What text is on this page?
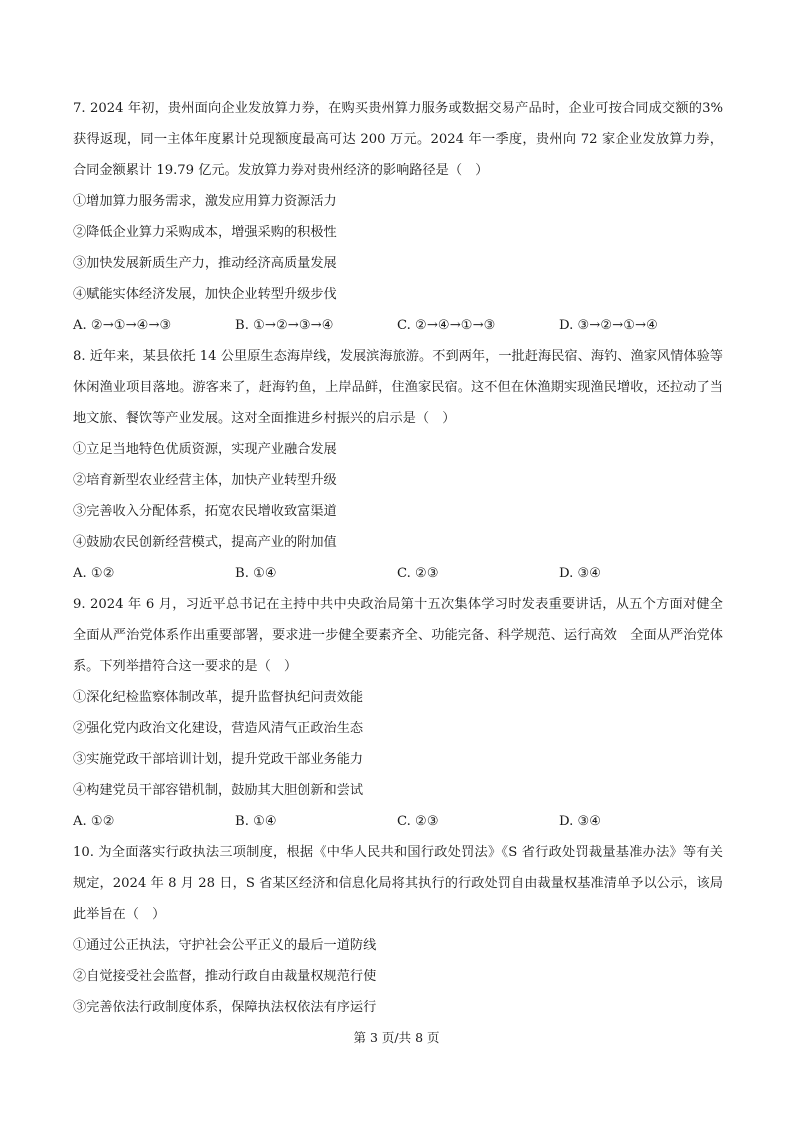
7. 2024 年初，贵州面向企业发放算力券，在购买贵州算力服务或数据交易产品时，企业可按合同成交额的3%获得返现，同一主体年度累计兑现额度最高可达 200 万元。2024 年一季度，贵州向 72 家企业发放算力券，合同金额累计 19.79 亿元。发放算力券对贵州经济的影响路径是（　）

①增加算力服务需求，激发应用算力资源活力

②降低企业算力采购成本，增强采购的积极性

③加快发展新质生产力，推动经济高质量发展

④赋能实体经济发展，加快企业转型升级步伐

A. ②→①→④→③	B. ①→②→③→④	C. ②→④→①→③	D. ③→②→①→④

8. 近年来，某县依托 14 公里原生态海岸线，发展滨海旅游。不到两年，一批赶海民宿、海钓、渔家风情体验等休闲渔业项目落地。游客来了，赶海钓鱼，上岸品鲜，住渔家民宿。这不但在休渔期实现渔民增收，还拉动了当地文旅、餐饮等产业发展。这对全面推进乡村振兴的启示是（　）

①立足当地特色优质资源，实现产业融合发展

②培育新型农业经营主体，加快产业转型升级

③完善收入分配体系，拓宽农民增收致富渠道

④鼓励农民创新经营模式，提高产业的附加值

A. ①②	B. ①④	C. ②③	D. ③④

9. 2024 年 6 月，习近平总书记在主持中共中央政治局第十五次集体学习时发表重要讲话，从五个方面对健全全面从严治党体系作出重要部署，要求进一步健全要素齐全、功能完备、科学规范、运行高效　全面从严治党体系。下列举措符合这一要求的是（　）

①深化纪检监察体制改革，提升监督执纪问责效能

②强化党内政治文化建设，营造风清气正政治生态

③实施党政干部培训计划，提升党政干部业务能力

④构建党员干部容错机制，鼓励其大胆创新和尝试

A. ①②	B. ①④	C. ②③	D. ③④

10. 为全面落实行政执法三项制度，根据《中华人民共和国行政处罚法》《S 省行政处罚裁量基准办法》等有关规定，2024 年 8 月 28 日，S 省某区经济和信息化局将其执行的行政处罚自由裁量权基准清单予以公示，该局此举旨在（　）

①通过公正执法，守护社会公平正义的最后一道防线

②自觉接受社会监督，推动行政自由裁量权规范行使

③完善依法行政制度体系，保障执法权依法有序运行

第 3 页/共 8 页
